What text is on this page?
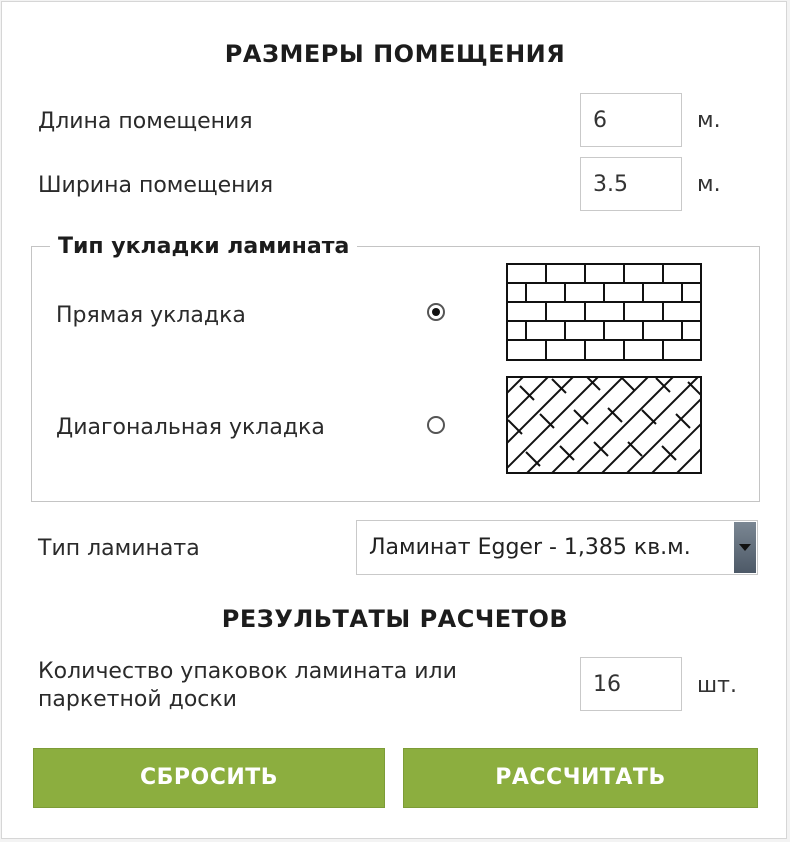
РАЗМЕРЫ ПОМЕЩЕНИЯ
Длина помещения
6	м.
Ширина помещения
3.5	м.
Тип укладки ламината
Прямая укладка
Диагональная укладка
Тип ламината	Ламинат Egger - 1,385 кв.м.
РЕЗУЛЬТАТЫ РАСЧЕТОВ
Количество упаковок ламината или
паркетной доски
16
шт.
СБРОСИТЬ	РАССЧИТАТЬ
